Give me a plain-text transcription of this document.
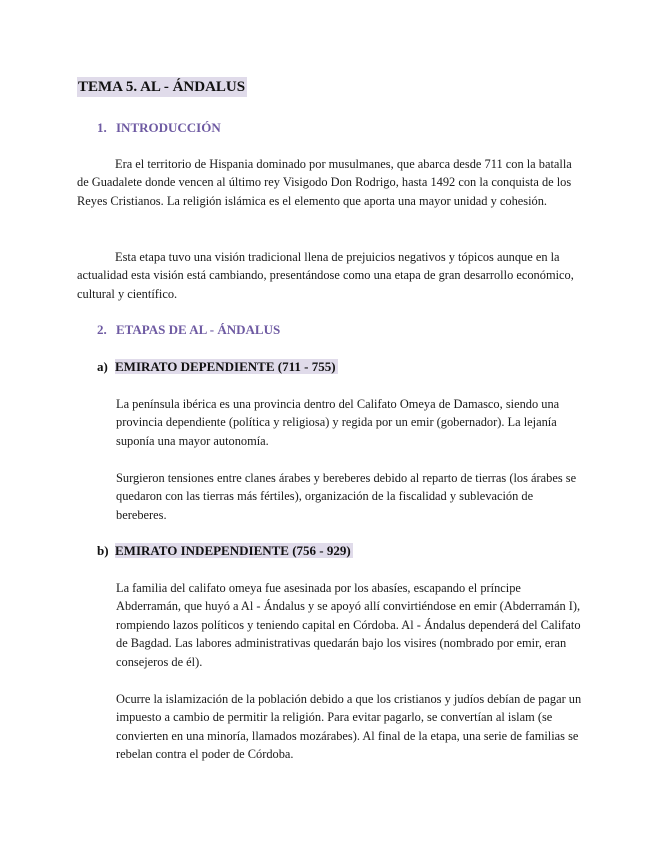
TEMA 5. AL - ÁNDALUS
1. INTRODUCCIÓN

Era el territorio de Hispania dominado por musulmanes, que abarca desde 711 con la batalla de Guadalete donde vencen al último rey Visigodo Don Rodrigo, hasta 1492 con la conquista de los Reyes Cristianos. La religión islámica es el elemento que aporta una mayor unidad y cohesión.

Esta etapa tuvo una visión tradicional llena de prejuicios negativos y tópicos aunque en la actualidad esta visión está cambiando, presentándose como una etapa de gran desarrollo económico, cultural y científico.

2. ETAPAS DE AL - ÁNDALUS
a) EMIRATO DEPENDIENTE (711 - 755)

La península ibérica es una provincia dentro del Califato Omeya de Damasco, siendo una provincia dependiente (política y religiosa) y regida por un emir (gobernador). La lejanía suponía una mayor autonomía.

Surgieron tensiones entre clanes árabes y bereberes debido al reparto de tierras (los árabes se quedaron con las tierras más fértiles), organización de la fiscalidad y sublevación de bereberes.

b) EMIRATO INDEPENDIENTE (756 - 929)

La familia del califato omeya fue asesinada por los abasíes, escapando el príncipe Abderramán, que huyó a Al - Ándalus y se apoyó allí convirtiéndose en emir (Abderramán I), rompiendo lazos políticos y teniendo capital en Córdoba. Al - Ándalus dependerá del Califato de Bagdad. Las labores administrativas quedarán bajo los visires (nombrado por emir, eran consejeros de él).

Ocurre la islamización de la población debido a que los cristianos y judíos debían de pagar un impuesto a cambio de permitir la religión. Para evitar pagarlo, se convertían al islam (se convierten en una minoría, llamados mozárabes). Al final de la etapa, una serie de familias se rebelan contra el poder de Córdoba.
